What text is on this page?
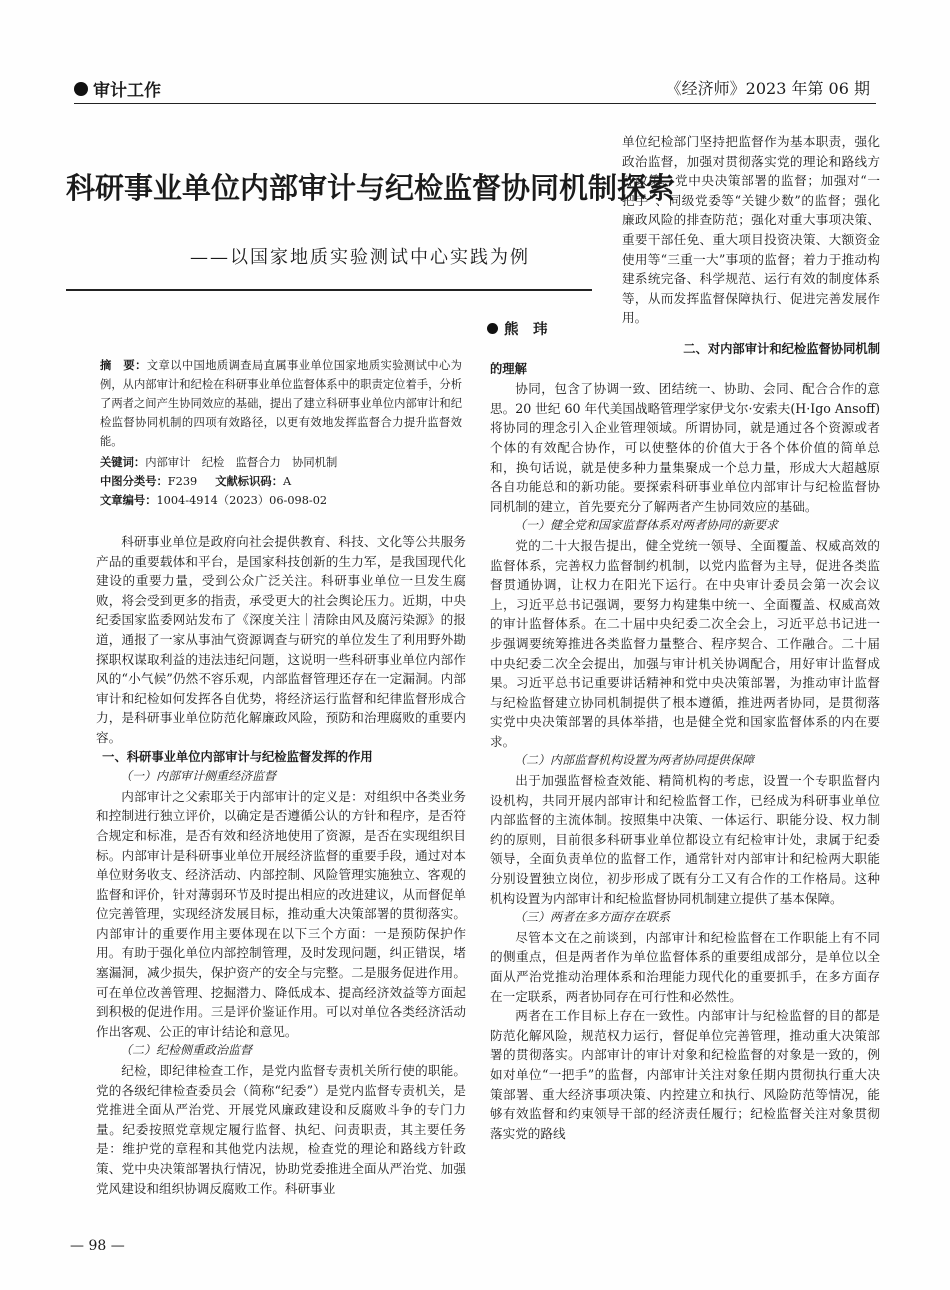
审计工作	《经济师》2023 年第 06 期
科研事业单位内部审计与纪检监督协同机制探索
——以国家地质实验测试中心实践为例
熊　玮
摘　要：文章以中国地质调查局直属事业单位国家地质实验测试中心为例，从内部审计和纪检在科研事业单位监督体系中的职责定位着手，分析了两者之间产生协同效应的基础，提出了建立科研事业单位内部审计和纪检监督协同机制的四项有效路径，以更有效地发挥监督合力提升监督效能。
关键词：内部审计　纪检　监督合力　协同机制
中图分类号：F239 文献标识码：A
文章编号：1004-4914（2023）06-098-02

科研事业单位是政府向社会提供教育、科技、文化等公共服务产品的重要载体和平台，是国家科技创新的生力军，是我国现代化建设的重要力量，受到公众广泛关注。科研事业单位一旦发生腐败，将会受到更多的指责，承受更大的社会舆论压力。近期，中央纪委国家监委网站发布了《深度关注｜清除由风及腐污染源》的报道，通报了一家从事油气资源调查与研究的单位发生了利用野外勘探职权谋取利益的违法违纪问题，这说明一些科研事业单位内部作风的“小气候”仍然不容乐观，内部监督管理还存在一定漏洞。内部审计和纪检如何发挥各自优势，将经济运行监督和纪律监督形成合力，是科研事业单位防范化解廉政风险，预防和治理腐败的重要内容。

一、科研事业单位内部审计与纪检监督发挥的作用
（一）内部审计侧重经济监督

内部审计之父索耶关于内部审计的定义是：对组织中各类业务和控制进行独立评价，以确定是否遵循公认的方针和程序，是否符合规定和标准，是否有效和经济地使用了资源，是否在实现组织目标。内部审计是科研事业单位开展经济监督的重要手段，通过对本单位财务收支、经济活动、内部控制、风险管理实施独立、客观的监督和评价，针对薄弱环节及时提出相应的改进建议，从而督促单位完善管理，实现经济发展目标，推动重大决策部署的贯彻落实。内部审计的重要作用主要体现在以下三个方面：一是预防保护作用。有助于强化单位内部控制管理，及时发现问题，纠正错误，堵塞漏洞，减少损失，保护资产的安全与完整。二是服务促进作用。可在单位改善管理、挖掘潜力、降低成本、提高经济效益等方面起到积极的促进作用。三是评价鉴证作用。可以对单位各类经济活动作出客观、公正的审计结论和意见。

（二）纪检侧重政治监督

纪检，即纪律检查工作，是党内监督专责机关所行使的职能。党的各级纪律检查委员会（简称“纪委”）是党内监督专责机关，是党推进全面从严治党、开展党风廉政建设和反腐败斗争的专门力量。纪委按照党章规定履行监督、执纪、问责职责，其主要任务是：维护党的章程和其他党内法规，检查党的理论和路线方针政策、党中央决策部署执行情况，协助党委推进全面从严治党、加强党风建设和组织协调反腐败工作。科研事业

单位纪检部门坚持把监督作为基本职责，强化政治监督，加强对贯彻落实党的理论和路线方针政策、党中央决策部署的监督；加强对“一把手”、同级党委等“关键少数”的监督；强化廉政风险的排查防范；强化对重大事项决策、重要干部任免、重大项目投资决策、大额资金使用等“三重一大”事项的监督；着力于推动构建系统完备、科学规范、运行有效的制度体系等，从而发挥监督保障执行、促进完善发展作用。

二、对内部审计和纪检监督协同机制
的理解

协同，包含了协调一致、团结统一、协助、会同、配合合作的意思。20 世纪 60 年代美国战略管理学家伊戈尔·安索夫(H·Igo Ansoff)将协同的理念引入企业管理领域。所谓协同，就是通过各个资源或者个体的有效配合协作，可以使整体的价值大于各个体价值的简单总和，换句话说，就是使多种力量集聚成一个总力量，形成大大超越原各自功能总和的新功能。要探索科研事业单位内部审计与纪检监督协同机制的建立，首先要充分了解两者产生协同效应的基础。

（一）健全党和国家监督体系对两者协同的新要求

党的二十大报告提出，健全党统一领导、全面覆盖、权威高效的监督体系，完善权力监督制约机制，以党内监督为主导，促进各类监督贯通协调，让权力在阳光下运行。在中央审计委员会第一次会议上，习近平总书记强调，要努力构建集中统一、全面覆盖、权威高效的审计监督体系。在二十届中央纪委二次全会上，习近平总书记进一步强调要统筹推进各类监督力量整合、程序契合、工作融合。二十届中央纪委二次全会提出，加强与审计机关协调配合，用好审计监督成果。习近平总书记重要讲话精神和党中央决策部署，为推动审计监督与纪检监督建立协同机制提供了根本遵循，推进两者协同，是贯彻落实党中央决策部署的具体举措，也是健全党和国家监督体系的内在要求。

（二）内部监督机构设置为两者协同提供保障

出于加强监督检查效能、精简机构的考虑，设置一个专职监督内设机构，共同开展内部审计和纪检监督工作，已经成为科研事业单位内部监督的主流体制。按照集中决策、一体运行、职能分设、权力制约的原则，目前很多科研事业单位都设立有纪检审计处，隶属于纪委领导，全面负责单位的监督工作，通常针对内部审计和纪检两大职能分别设置独立岗位，初步形成了既有分工又有合作的工作格局。这种机构设置为内部审计和纪检监督协同机制建立提供了基本保障。

（三）两者在多方面存在联系

尽管本文在之前谈到，内部审计和纪检监督在工作职能上有不同的侧重点，但是两者作为单位监督体系的重要组成部分，是单位以全面从严治党推动治理体系和治理能力现代化的重要抓手，在多方面存在一定联系，两者协同存在可行性和必然性。

两者在工作目标上存在一致性。内部审计与纪检监督的目的都是防范化解风险，规范权力运行，督促单位完善管理，推动重大决策部署的贯彻落实。内部审计的审计对象和纪检监督的对象是一致的，例如对单位“一把手”的监督，内部审计关注对象任期内贯彻执行重大决策部署、重大经济事项决策、内控建立和执行、风险防范等情况，能够有效监督和约束领导干部的经济责任履行；纪检监督关注对象贯彻落实党的路线

— 98 —
